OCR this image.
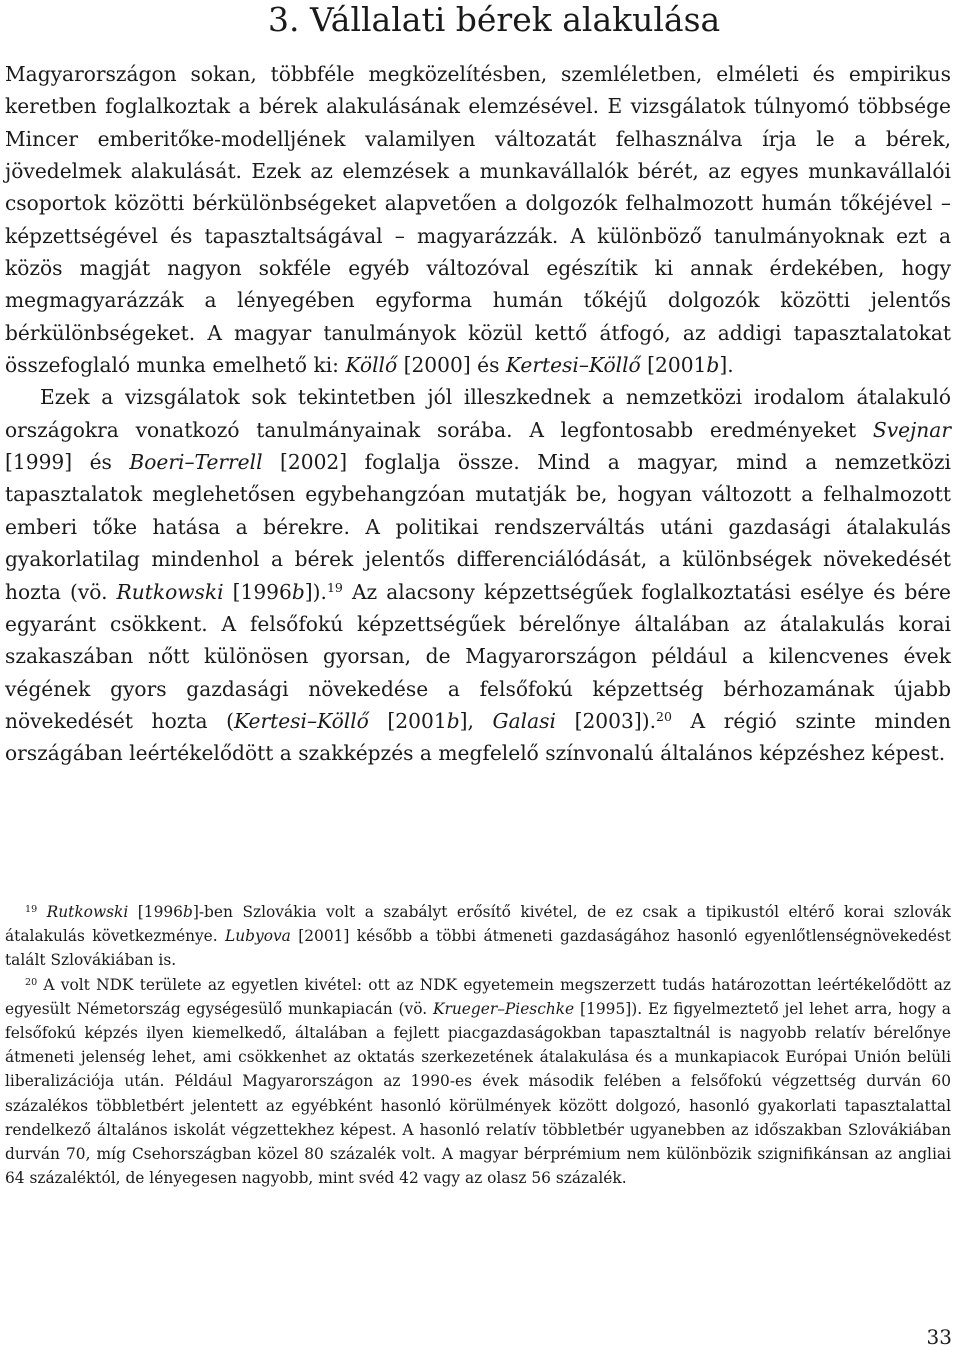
3. Vállalati bérek alakulása

Magyarországon sokan, többféle megközelítésben, szemléletben, elméleti és empirikus keretben foglalkoztak a bérek alakulásának elemzésével. E vizsgálatok túlnyomó többsége Mincer emberitőke-modelljének valamilyen változatát felhasználva írja le a bérek, jövedelmek alakulását. Ezek az elemzések a munkavállalók bérét, az egyes munkavállalói csoportok közötti bérkülönbségeket alapvetően a dolgozók felhalmozott humán tőkéjével – képzettségével és tapasztaltságával – magyarázzák. A különböző tanulmányoknak ezt a közös magját nagyon sokféle egyéb változóval egészítik ki annak érdekében, hogy megmagyarázzák a lényegében egyforma humán tőkéjű dolgozók közötti jelentős bérkülönbségeket. A magyar tanulmányok közül kettő átfogó, az addigi tapasztalatokat összefoglaló munka emelhető ki: Köllő [2000] és Kertesi–Köllő [2001b].

Ezek a vizsgálatok sok tekintetben jól illeszkednek a nemzetközi irodalom átalakuló országokra vonatkozó tanulmányainak sorába. A legfontosabb eredményeket Svejnar [1999] és Boeri–Terrell [2002] foglalja össze. Mind a magyar, mind a nemzetközi tapasztalatok meglehetősen egybehangzóan mutatják be, hogyan változott a felhalmozott emberi tőke hatása a bérekre. A politikai rendszerváltás utáni gazdasági átalakulás gyakorlatilag mindenhol a bérek jelentős differenciálódását, a különbségek növekedését hozta (vö. Rutkowski [1996b]).$^{19}$ Az alacsony képzettségűek foglalkoztatási esélye és bére egyaránt csökkent. A felsőfokú képzettségűek bérelőnye általában az átalakulás korai szakaszában nőtt különösen gyorsan, de Magyarországon például a kilencvenes évek végének gyors gazdasági növekedése a felsőfokú képzettség bérhozamának újabb növekedését hozta (Kertesi–Köllő [2001b], Galasi [2003]).$^{20}$ A régió szinte minden országában leértékelődött a szakképzés a megfelelő színvonalú általános képzéshez képest.

$^{19}$ Rutkowski [1996b]-ben Szlovákia volt a szabályt erősítő kivétel, de ez csak a tipikustól eltérő korai szlovák átalakulás következménye. Lubyova [2001] később a többi átmeneti gazdaságához hasonló egyenlőtlenségnövekedést talált Szlovákiában is.

$^{20}$ A volt NDK területe az egyetlen kivétel: ott az NDK egyetemein megszerzett tudás határozottan leértékelődött az egyesült Németország egységesülő munkapiacán (vö. Krueger–Pieschke [1995]). Ez figyelmeztető jel lehet arra, hogy a felsőfokú képzés ilyen kiemelkedő, általában a fejlett piacgazdaságokban tapasztaltnál is nagyobb relatív bérelőnye átmeneti jelenség lehet, ami csökkenhet az oktatás szerkezetének átalakulása és a munkapiacok Európai Unión belüli liberalizációja után. Például Magyarországon az 1990-es évek második felében a felsőfokú végzettség durván 60 százalékos többletbért jelentett az egyébként hasonló körülmények között dolgozó, hasonló gyakorlati tapasztalattal rendelkező általános iskolát végzettekhez képest. A hasonló relatív többletbér ugyanebben az időszakban Szlovákiában durván 70, míg Csehországban közel 80 százalék volt. A magyar bérprémium nem különbözik szignifikánsan az angliai 64 százaléktól, de lényegesen nagyobb, mint svéd 42 vagy az olasz 56 százalék.

33
